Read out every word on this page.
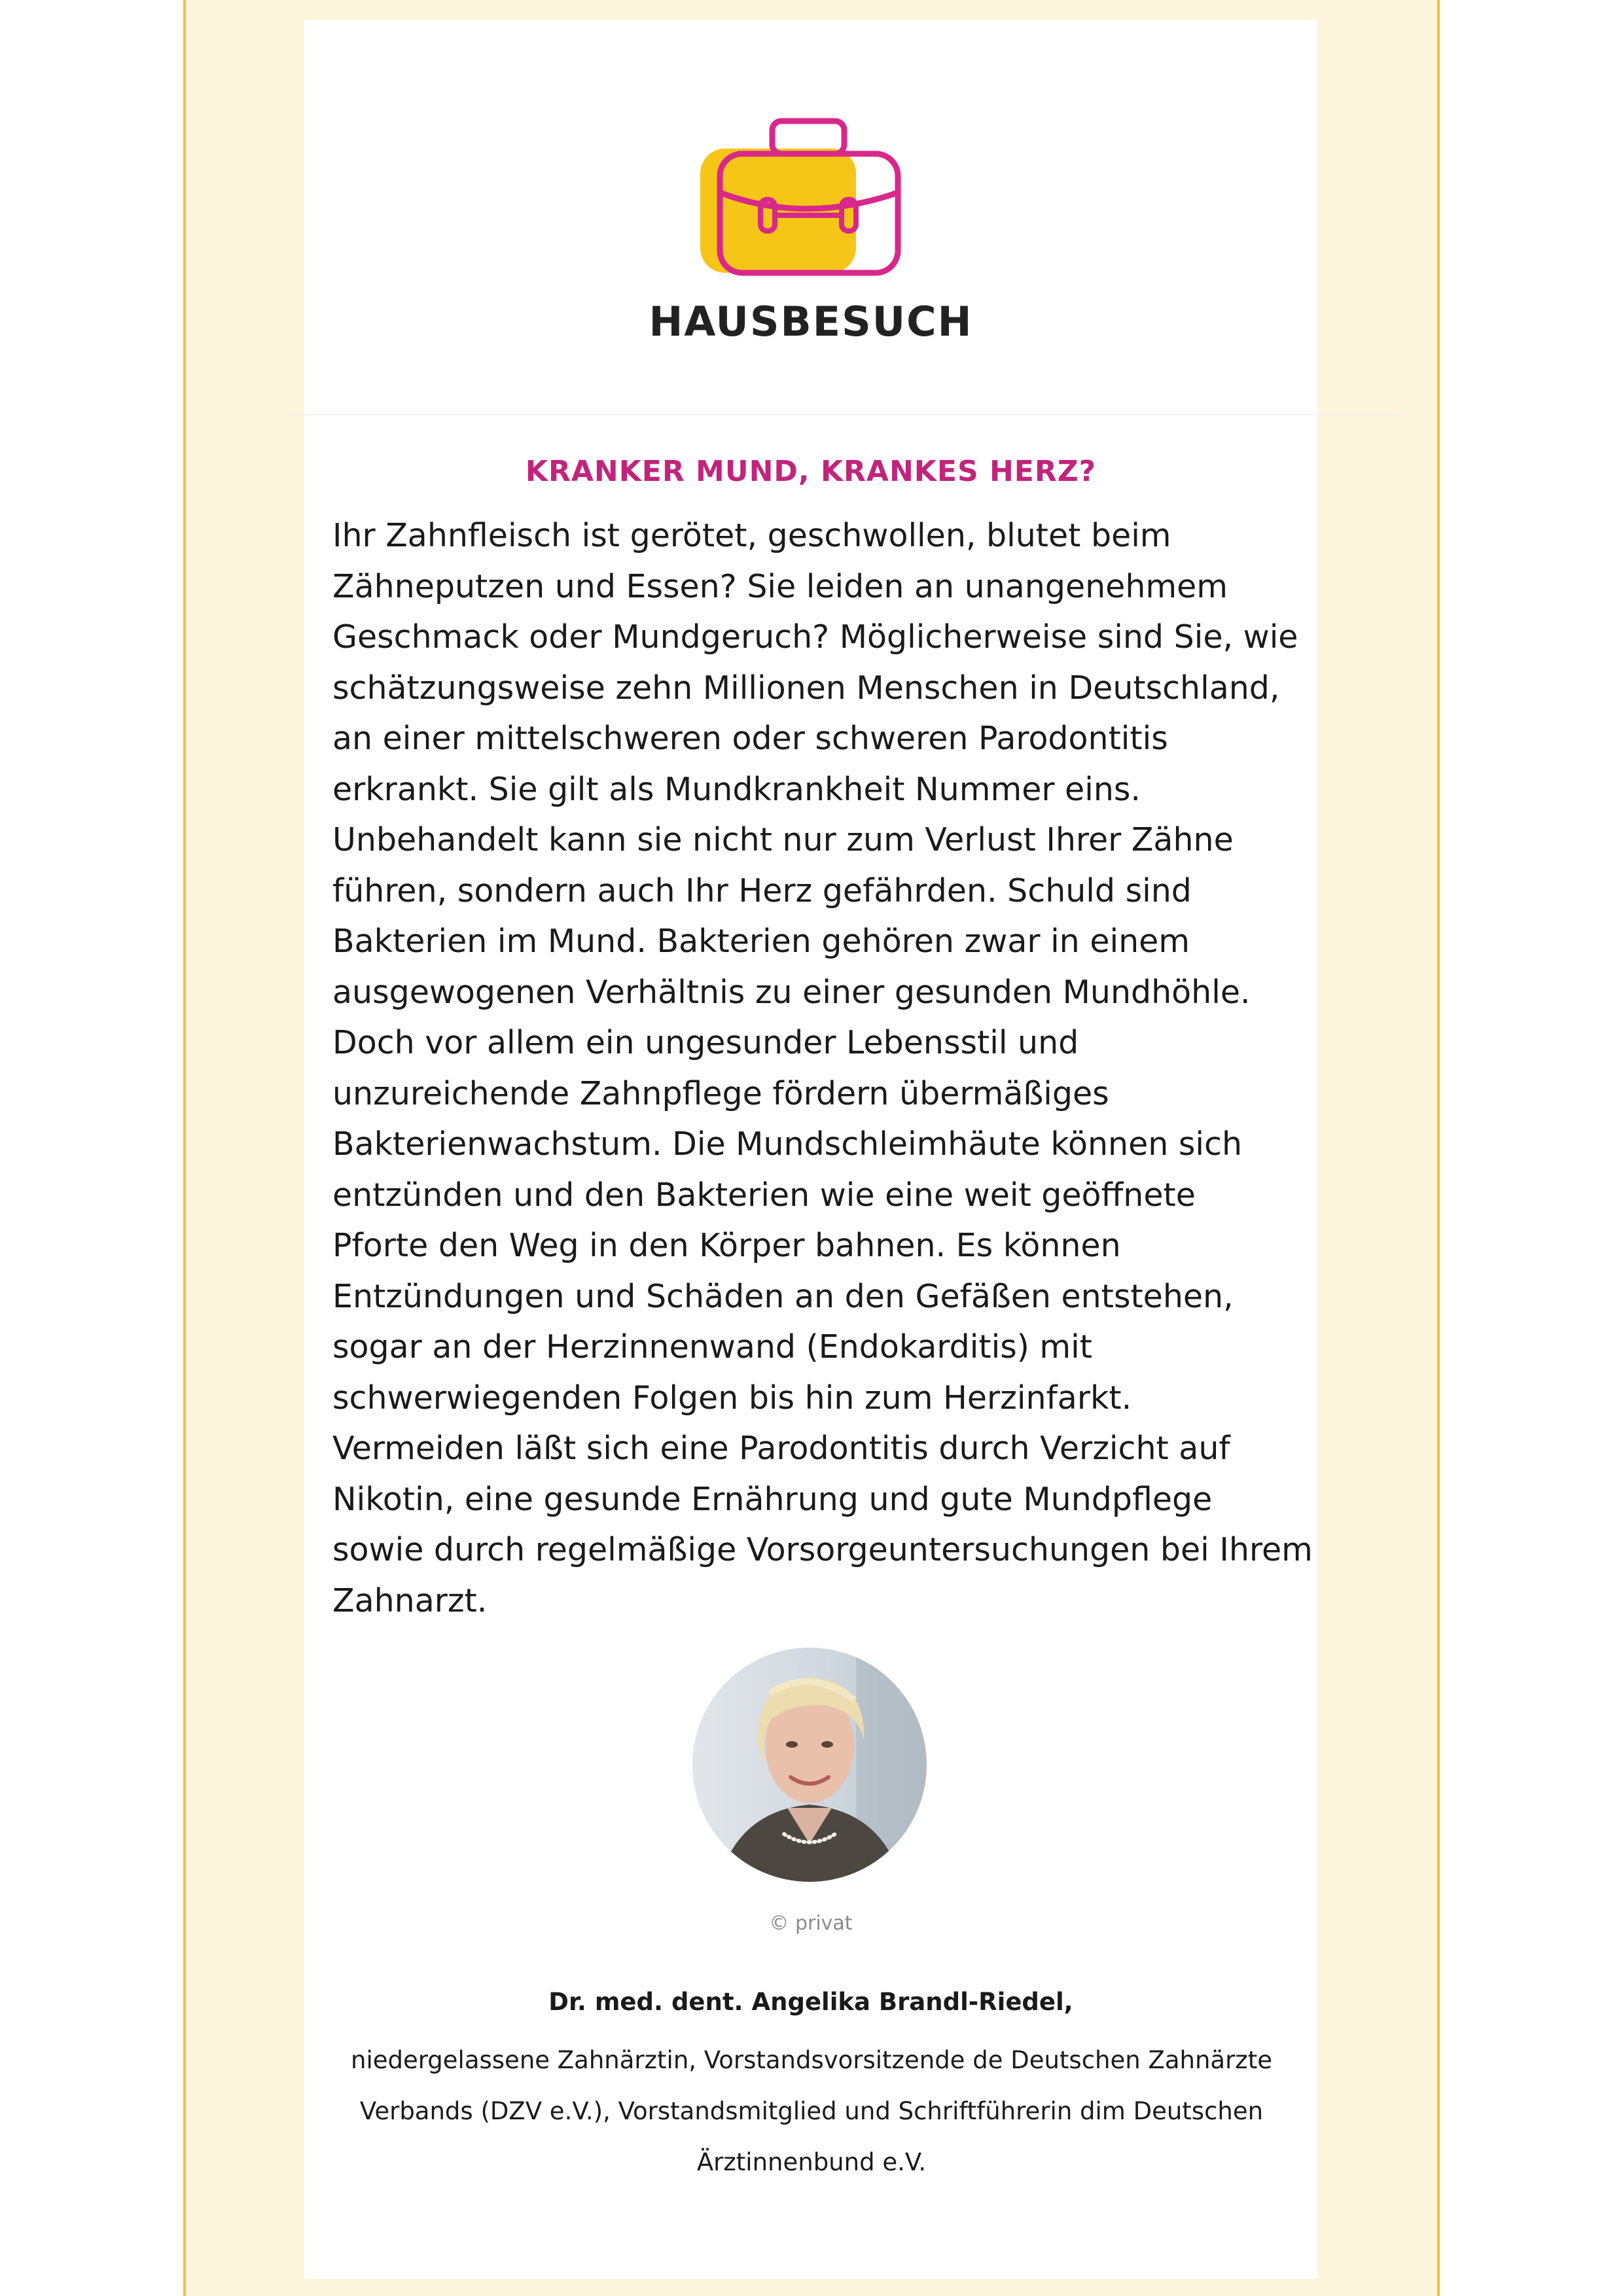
HAUSBESUCH
KRANKER MUND, KRANKES HERZ?
Ihr Zahnfleisch ist gerötet, geschwollen, blutet beim
Zähneputzen und Essen? Sie leiden an unangenehmem
Geschmack oder Mundgeruch? Möglicherweise sind Sie, wie
schätzungsweise zehn Millionen Menschen in Deutschland,
an einer mittelschweren oder schweren Parodontitis
erkrankt. Sie gilt als Mundkrankheit Nummer eins.
Unbehandelt kann sie nicht nur zum Verlust Ihrer Zähne
führen, sondern auch Ihr Herz gefährden. Schuld sind
Bakterien im Mund. Bakterien gehören zwar in einem
ausgewogenen Verhältnis zu einer gesunden Mundhöhle.
Doch vor allem ein ungesunder Lebensstil und
unzureichende Zahnpflege fördern übermäßiges
Bakterienwachstum. Die Mundschleimhäute können sich
entzünden und den Bakterien wie eine weit geöffnete
Pforte den Weg in den Körper bahnen. Es können
Entzündungen und Schäden an den Gefäßen entstehen,
sogar an der Herzinnenwand (Endokarditis) mit
schwerwiegenden Folgen bis hin zum Herzinfarkt.
Vermeiden läßt sich eine Parodontitis durch Verzicht auf
Nikotin, eine gesunde Ernährung und gute Mundpflege
sowie durch regelmäßige Vorsorgeuntersuchungen bei Ihrem
Zahnarzt.
© privat
Dr. med. dent. Angelika Brandl-Riedel,
niedergelassene Zahnärztin, Vorstandsvorsitzende de Deutschen Zahnärzte
Verbands (DZV e.V.), Vorstandsmitglied und Schriftführerin dim Deutschen
Ärztinnenbund e.V.
